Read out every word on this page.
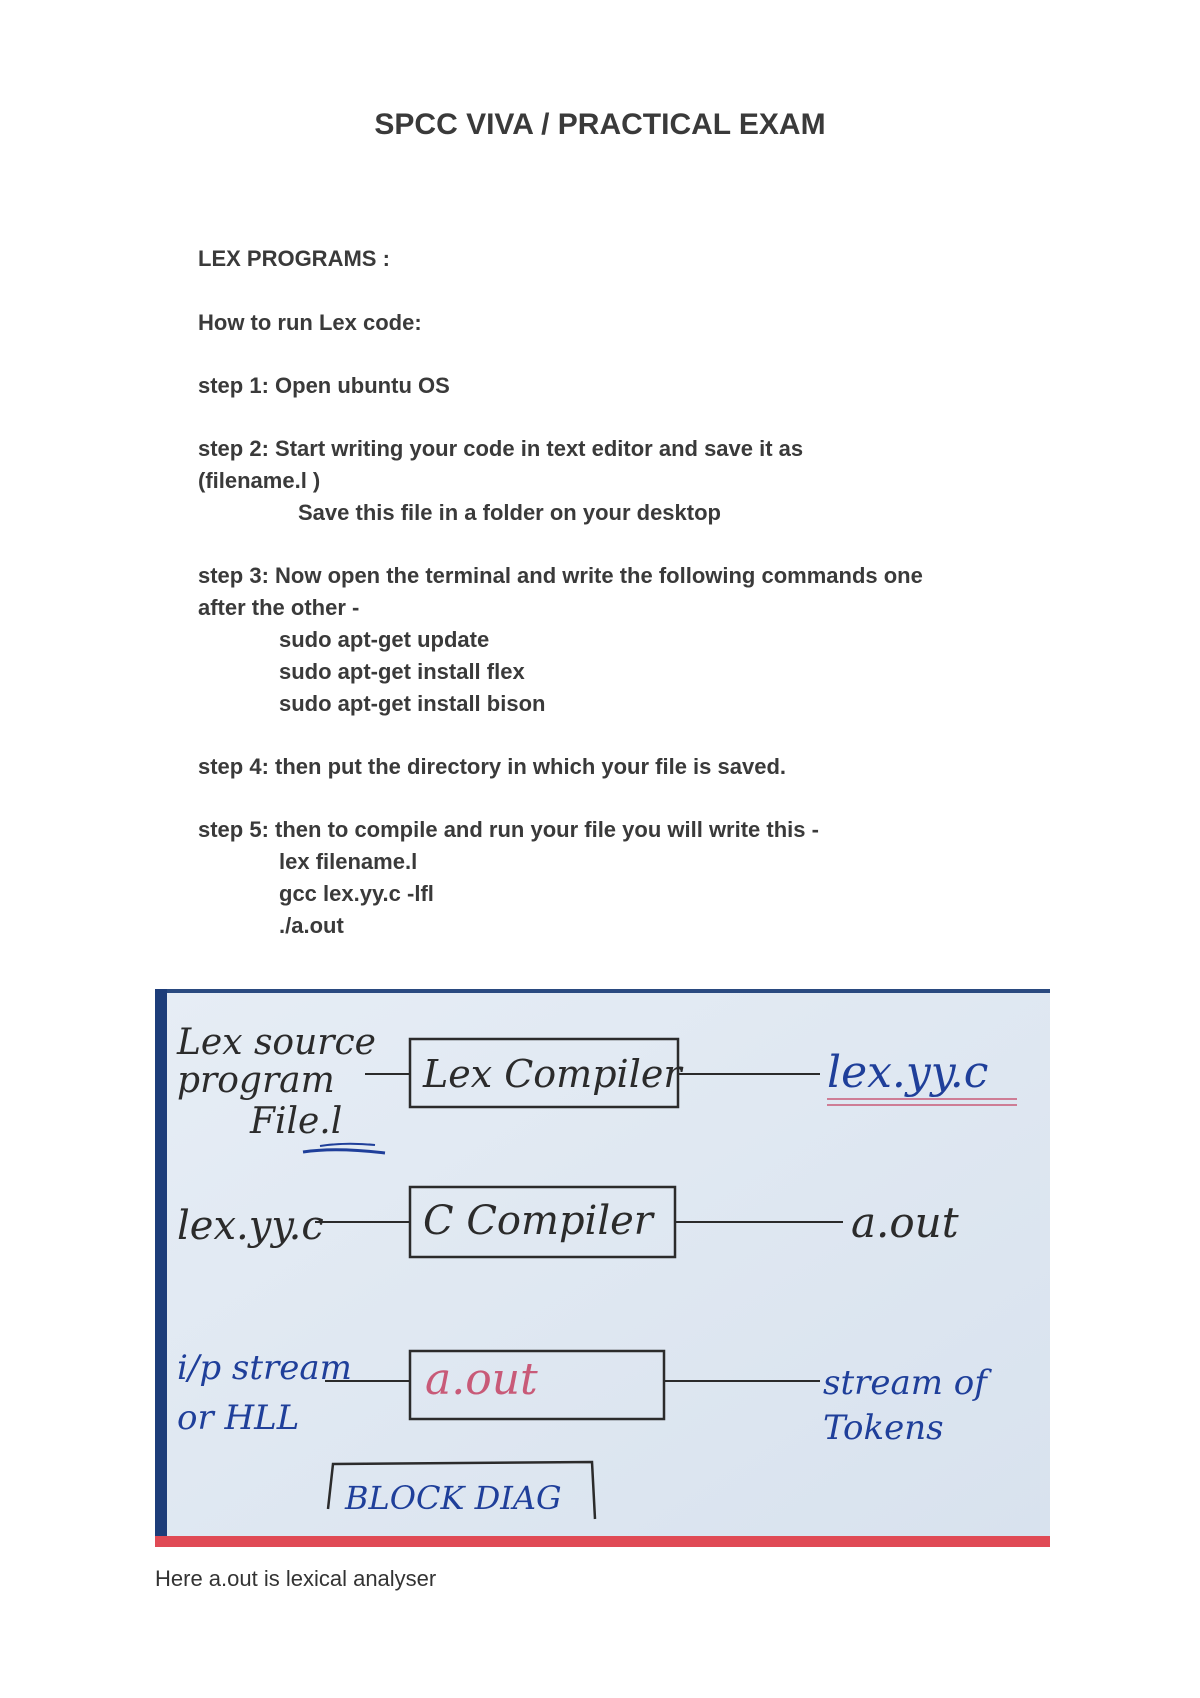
SPCC VIVA / PRACTICAL EXAM
LEX PROGRAMS :
How to run Lex code:
step 1: Open ubuntu OS
step 2: Start writing your code in text editor and save it as
(filename.l )
Save this file in a folder on your desktop
step 3: Now open the terminal and write the following commands one
after the other -
sudo apt-get update
sudo apt-get install flex
sudo apt-get install bison
step 4: then put the directory in which your file is saved.
step 5: then to compile and run your file you will write this -
lex filename.l
gcc lex.yy.c -lfl
./a.out
Lex source
program
File.l
Lex Compiler	lex.yy.c
lex.yy.c C Compiler	a.out
i/p stream
or HLL
a.out	stream of
Tokens
BLOCK DIAG
Here a.out is lexical analyser
